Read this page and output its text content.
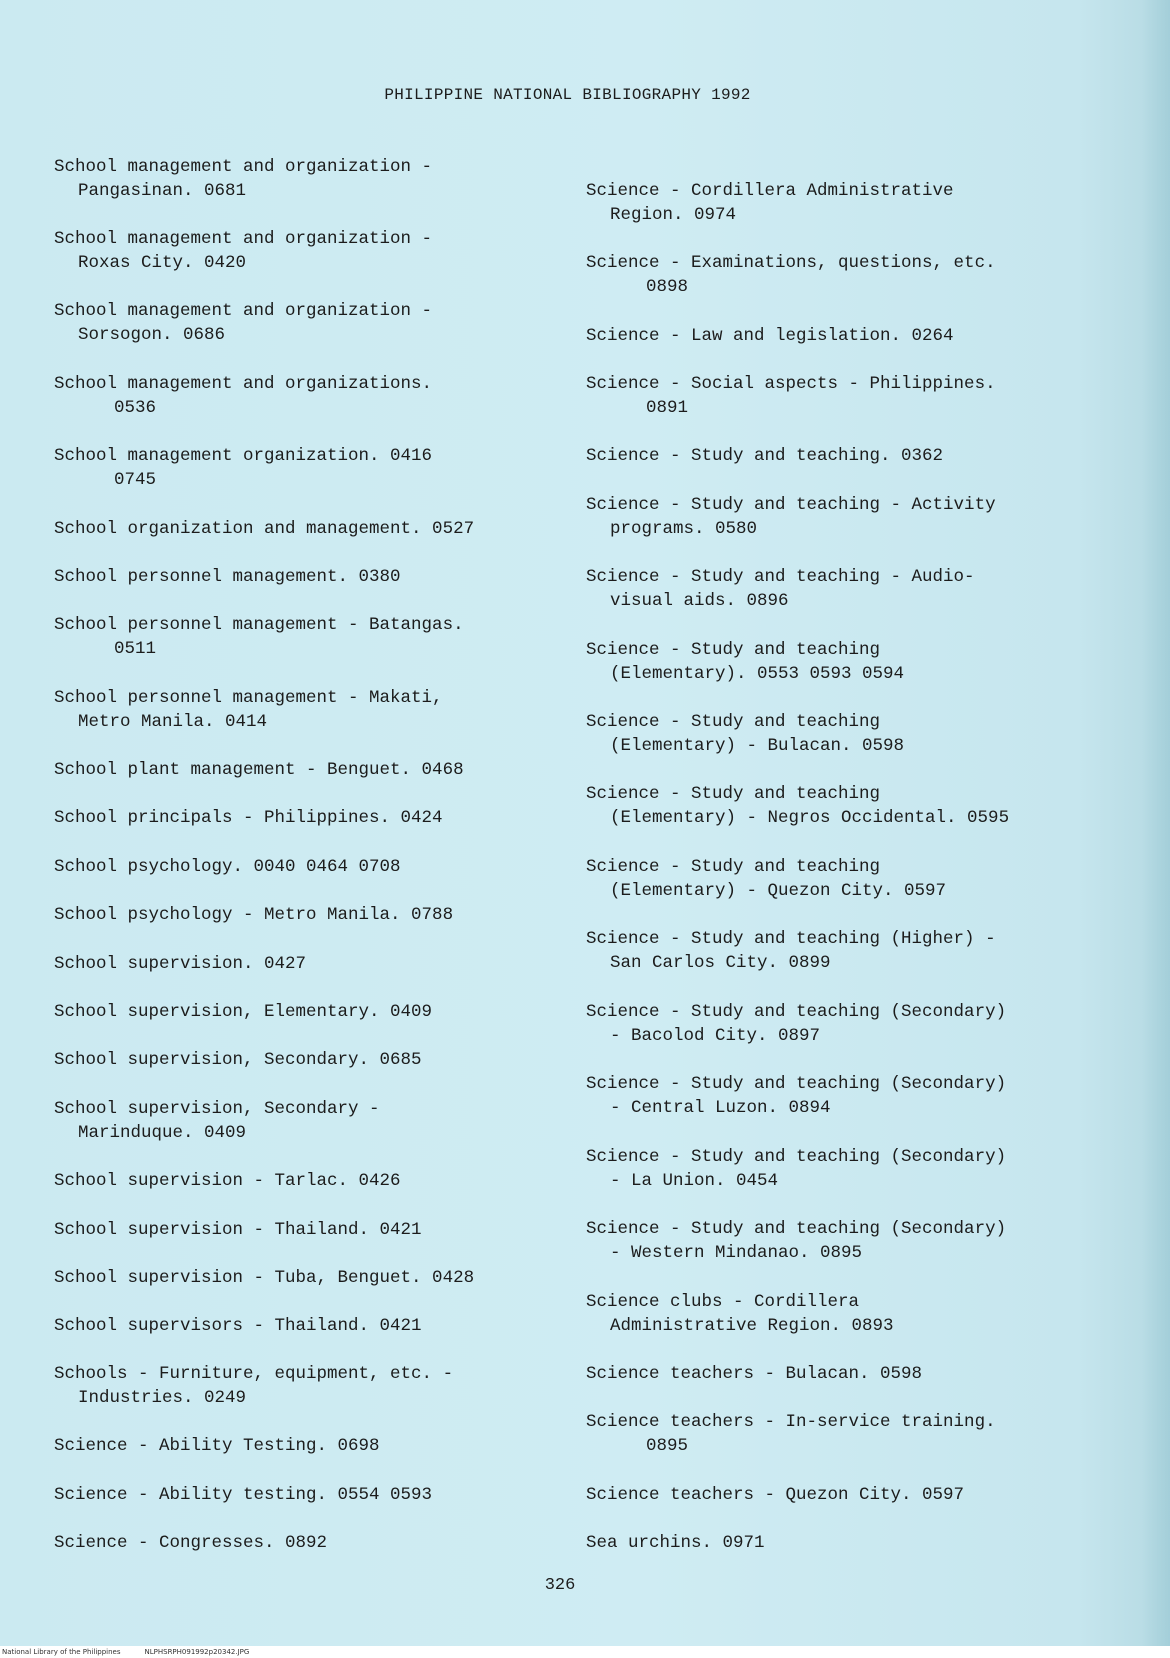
PHILIPPINE NATIONAL BIBLIOGRAPHY 1992
School management and organization -
Pangasinan. 0681
School management and organization -
Roxas City. 0420
School management and organization -
Sorsogon. 0686
School management and organizations.
0536
School management organization. 0416
0745
School organization and management. 0527
School personnel management. 0380
School personnel management - Batangas.
0511
School personnel management - Makati,
Metro Manila. 0414
School plant management - Benguet. 0468
School principals - Philippines. 0424
School psychology. 0040 0464 0708
School psychology - Metro Manila. 0788
School supervision. 0427
School supervision, Elementary. 0409
School supervision, Secondary. 0685
School supervision, Secondary -
Marinduque. 0409
School supervision - Tarlac. 0426
School supervision - Thailand. 0421
School supervision - Tuba, Benguet. 0428
School supervisors - Thailand. 0421
Schools - Furniture, equipment, etc. -
Industries. 0249
Science - Ability Testing. 0698
Science - Ability testing. 0554 0593
Science - Congresses. 0892
Science - Cordillera Administrative
Region. 0974
Science - Examinations, questions, etc.
0898
Science - Law and legislation. 0264
Science - Social aspects - Philippines.
0891
Science - Study and teaching. 0362
Science - Study and teaching - Activity
programs. 0580
Science - Study and teaching - Audio-
visual aids. 0896
Science - Study and teaching
(Elementary). 0553 0593 0594
Science - Study and teaching
(Elementary) - Bulacan. 0598
Science - Study and teaching
(Elementary) - Negros Occidental. 0595
Science - Study and teaching
(Elementary) - Quezon City. 0597
Science - Study and teaching (Higher) -
San Carlos City. 0899
Science - Study and teaching (Secondary)
- Bacolod City. 0897
Science - Study and teaching (Secondary)
- Central Luzon. 0894
Science - Study and teaching (Secondary)
- La Union. 0454
Science - Study and teaching (Secondary)
- Western Mindanao. 0895
Science clubs - Cordillera
Administrative Region. 0893
Science teachers - Bulacan. 0598
Science teachers - In-service training.
0895
Science teachers - Quezon City. 0597
Sea urchins. 0971
326
National Library of the Philippines	NLPHSRPH091992p20342.JPG
